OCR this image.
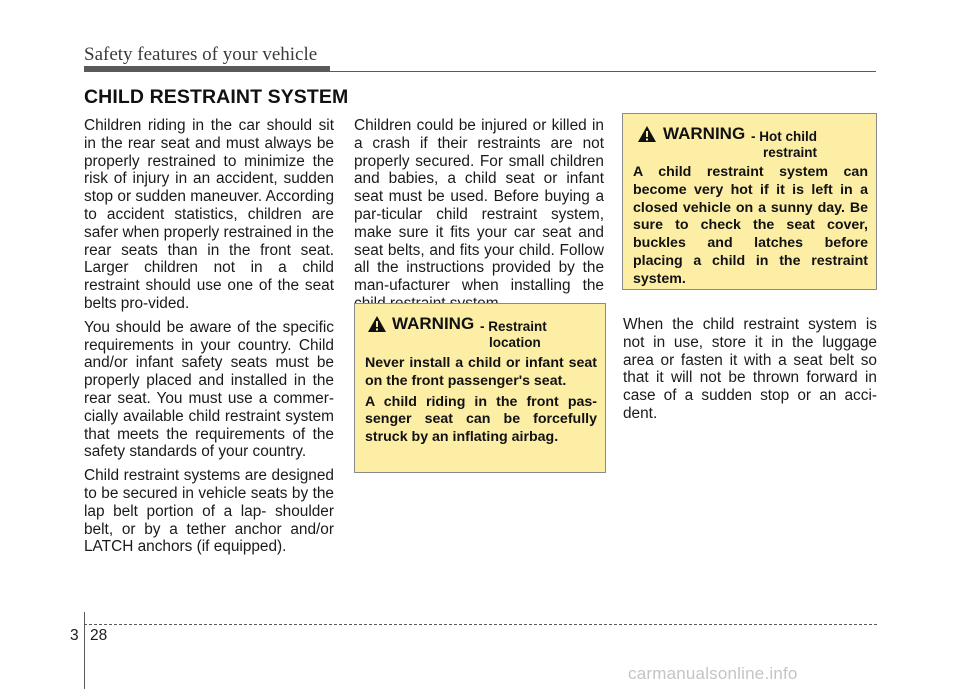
Safety features of your vehicle
CHILD RESTRAINT SYSTEM

Children riding in the car should sit in the rear seat and must always be properly restrained to minimize the risk of injury in an accident, sudden stop or sudden maneuver. According to accident statistics, children are safer when properly restrained in the rear seats than in the front seat. Larger children not in a child restraint should use one of the seat belts pro-vided.

You should be aware of the specific requirements in your country. Child and/or infant safety seats must be properly placed and installed in the rear seat. You must use a commer-cially available child restraint system that meets the requirements of the safety standards of your country.

Child restraint systems are designed to be secured in vehicle seats by the lap belt portion of a lap- shoulder belt, or by a tether anchor and/or LATCH anchors (if equipped).

Children could be injured or killed in a crash if their restraints are not properly secured. For small children and babies, a child seat or infant seat must be used. Before buying a par-ticular child restraint system, make sure it fits your car seat and seat belts, and fits your child. Follow all the instructions provided by the man-ufacturer when installing the

WARNING - Restraint
location

Never install a child or infant seat on the front passenger's seat.

A child riding in the front pas-senger seat can be forcefully struck by an inflating airbag.

WARNING - Hot child
restraint

A child restraint system can become very hot if it is left in a closed vehicle on a sunny day. Be sure to check the seat cover, buckles and latches before placing a child in the restraint system.

When the child restraint system is not in use, store it in the luggage area or fasten it with a seat belt so that it will not be thrown forward in case of a sudden stop or an acci-dent.

3 28
carmanualsonline.info
